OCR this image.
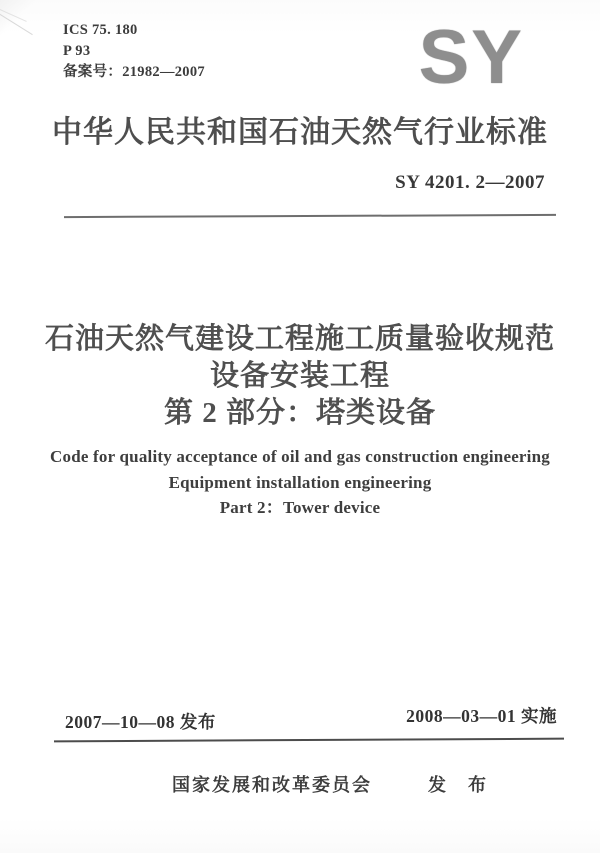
ICS 75. 180
P 93
备案号：21982—2007	SY
中华人民共和国石油天然气行业标准
SY 4201. 2—2007
石油天然气建设工程施工质量验收规范
设备安装工程
第 2 部分：塔类设备
Code for quality acceptance of oil and gas construction engineering
Equipment installation engineering
Part 2：Tower device
2007—10—08 发布	2008—03—01 实施
国家发展和改革委员会	发　布
